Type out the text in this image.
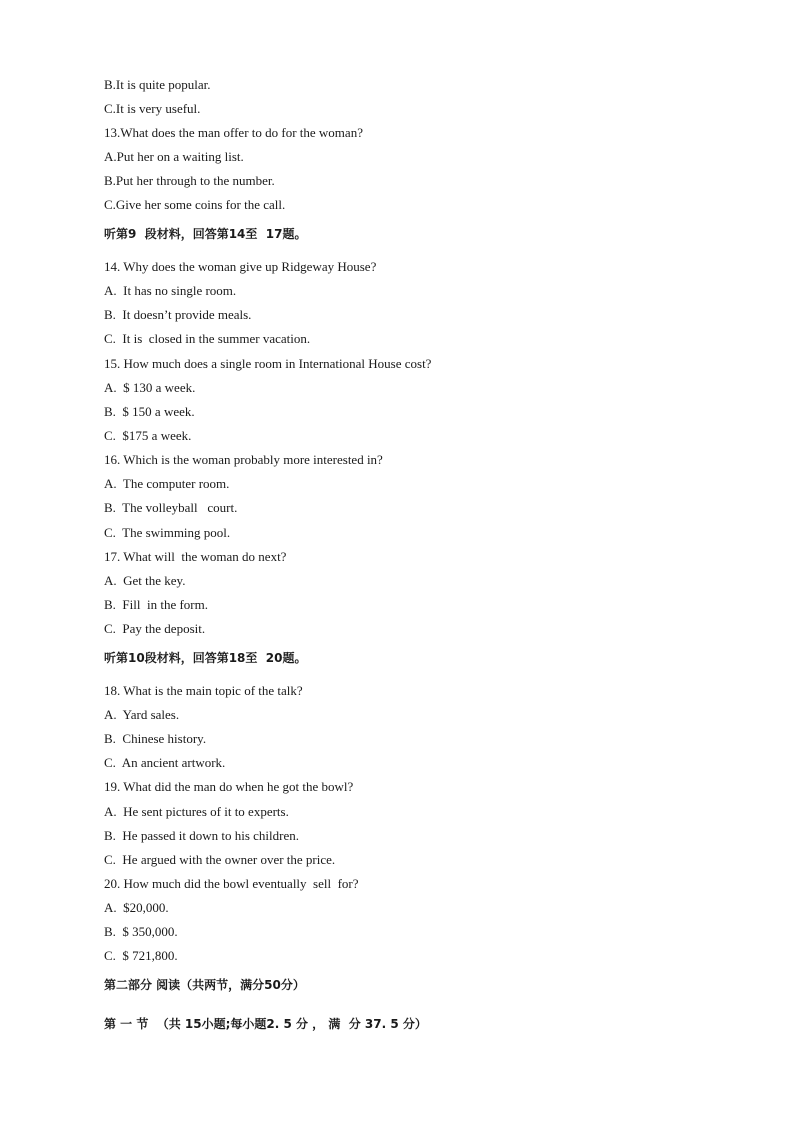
B.It is quite popular.
C.It is very useful.
13.What does the man offer to do for the woman?
A.Put her on a waiting list.
B.Put her through to the number.
C.Give her some coins for the call.
听第9  段材料，回答第14至  17题。
14. Why does the woman give up Ridgeway House?
A.  It has no single room.
B.  It doesn’t provide meals.
C.  It is  closed in the summer vacation.
15. How much does a single room in International House cost?
A.  $ 130 a week.
B.  $ 150 a week.
C.  $175 a week.
16. Which is the woman probably more interested in?
A.  The computer room.
B.  The volleyball   court.
C.  The swimming pool.
17. What will  the woman do next?
A.  Get the key.
B.  Fill  in the form.
C.  Pay the deposit.
听第10段材料，回答第18至  20题。
18. What is the main topic of the talk?
A.  Yard sales.
B.  Chinese history.
C.  An ancient artwork.
19. What did the man do when he got the bowl?
A.  He sent pictures of it to experts.
B.  He passed it down to his children.
C.  He argued with the owner over the price.
20. How much did the bowl eventually  sell  for?
A.  $20,000.
B.  $ 350,000.
C.  $ 721,800.
第二部分 阅读（共两节，满分50分）
第 一 节  （共 15小题;每小题2. 5 分 ， 满  分 37. 5 分）
